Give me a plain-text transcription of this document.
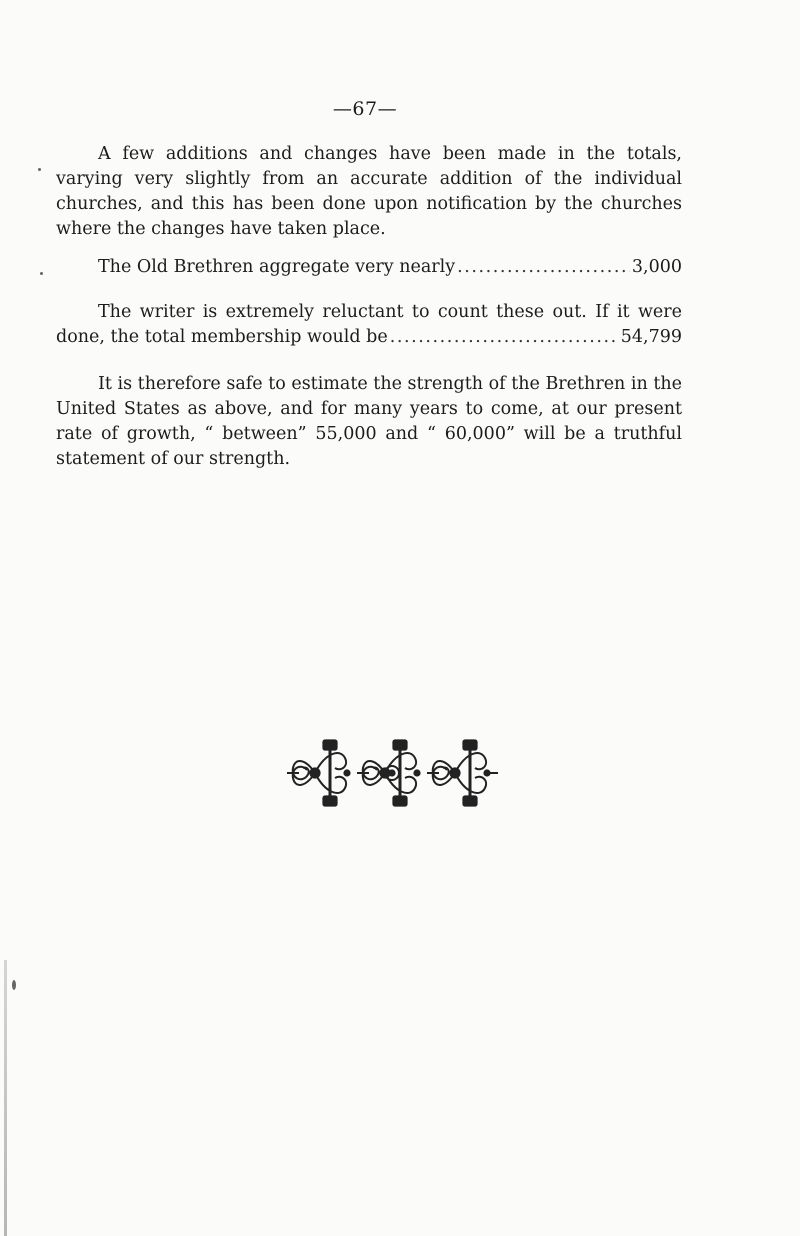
—67—
A few additions and changes have been made in the totals, varying very slightly from an accurate addition of the individual churches, and this has been done upon notification by the churches where the changes have taken place.
The Old Brethren aggregate very nearly . . .	3,000
The writer is extremely reluctant to count these out. If it were
done, the total membership would be . . .	54,799
It is therefore safe to estimate the strength of the Brethren in the United States as above, and for many years to come, at our present rate of growth, “ between” 55,000 and “ 60,000” will be a truthful statement of our strength.
